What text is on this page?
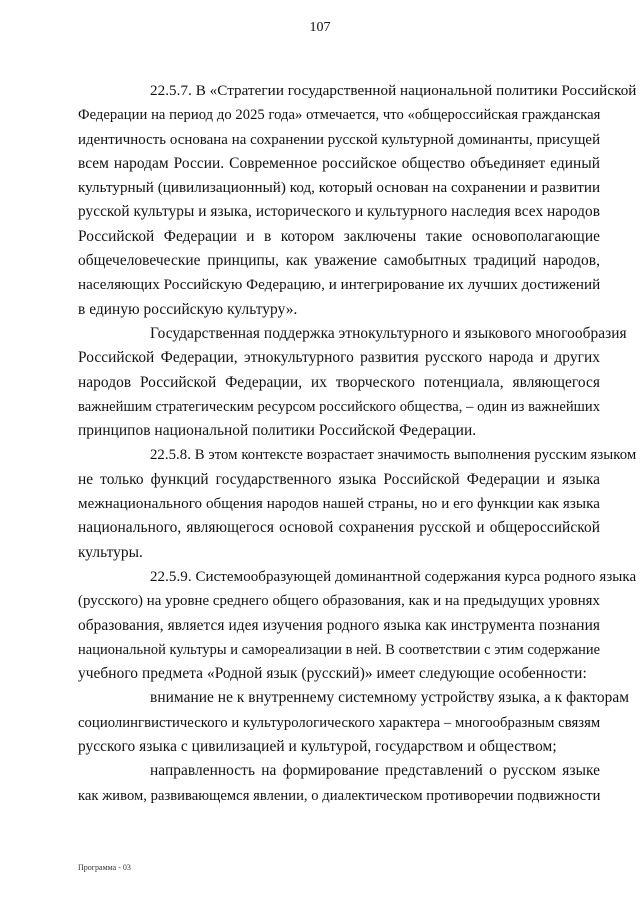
107

22.5.7. В «Стратегии государственной национальной политики Российской
Федерации на период до 2025 года» отмечается, что «общероссийская гражданская
идентичность основана на сохранении русской культурной доминанты, присущей
всем народам России. Современное российское общество объединяет единый
культурный (цивилизационный) код, который основан на сохранении и развитии
русской культуры и языка, исторического и культурного наследия всех народов
Российской Федерации и в котором заключены такие основополагающие
общечеловеческие принципы, как уважение самобытных традиций народов,
населяющих Российскую Федерацию, и интегрирование их лучших достижений
в единую российскую культуру».

Государственная поддержка этнокультурного и языкового многообразия
Российской Федерации, этнокультурного развития русского народа и других
народов Российской Федерации, их творческого потенциала, являющегося
важнейшим стратегическим ресурсом российского общества, – один из важнейших
принципов национальной политики Российской Федерации.

22.5.8. В этом контексте возрастает значимость выполнения русским языком
не только функций государственного языка Российской Федерации и языка
межнационального общения народов нашей страны, но и его функции как языка
национального, являющегося основой сохранения русской и общероссийской
культуры.

22.5.9. Системообразующей доминантной содержания курса родного языка
(русского) на уровне среднего общего образования, как и на предыдущих уровнях
образования, является идея изучения родного языка как инструмента познания
национальной культуры и самореализации в ней. В соответствии с этим содержание
учебного предмета «Родной язык (русский)» имеет следующие особенности:

внимание не к внутреннему системному устройству языка, а к факторам
социолингвистического и культурологического характера – многообразным связям
русского языка с цивилизацией и культурой, государством и обществом;

направленность на формирование представлений о русском языке
как живом, развивающемся явлении, о диалектическом противоречии подвижности

Программа - 03
